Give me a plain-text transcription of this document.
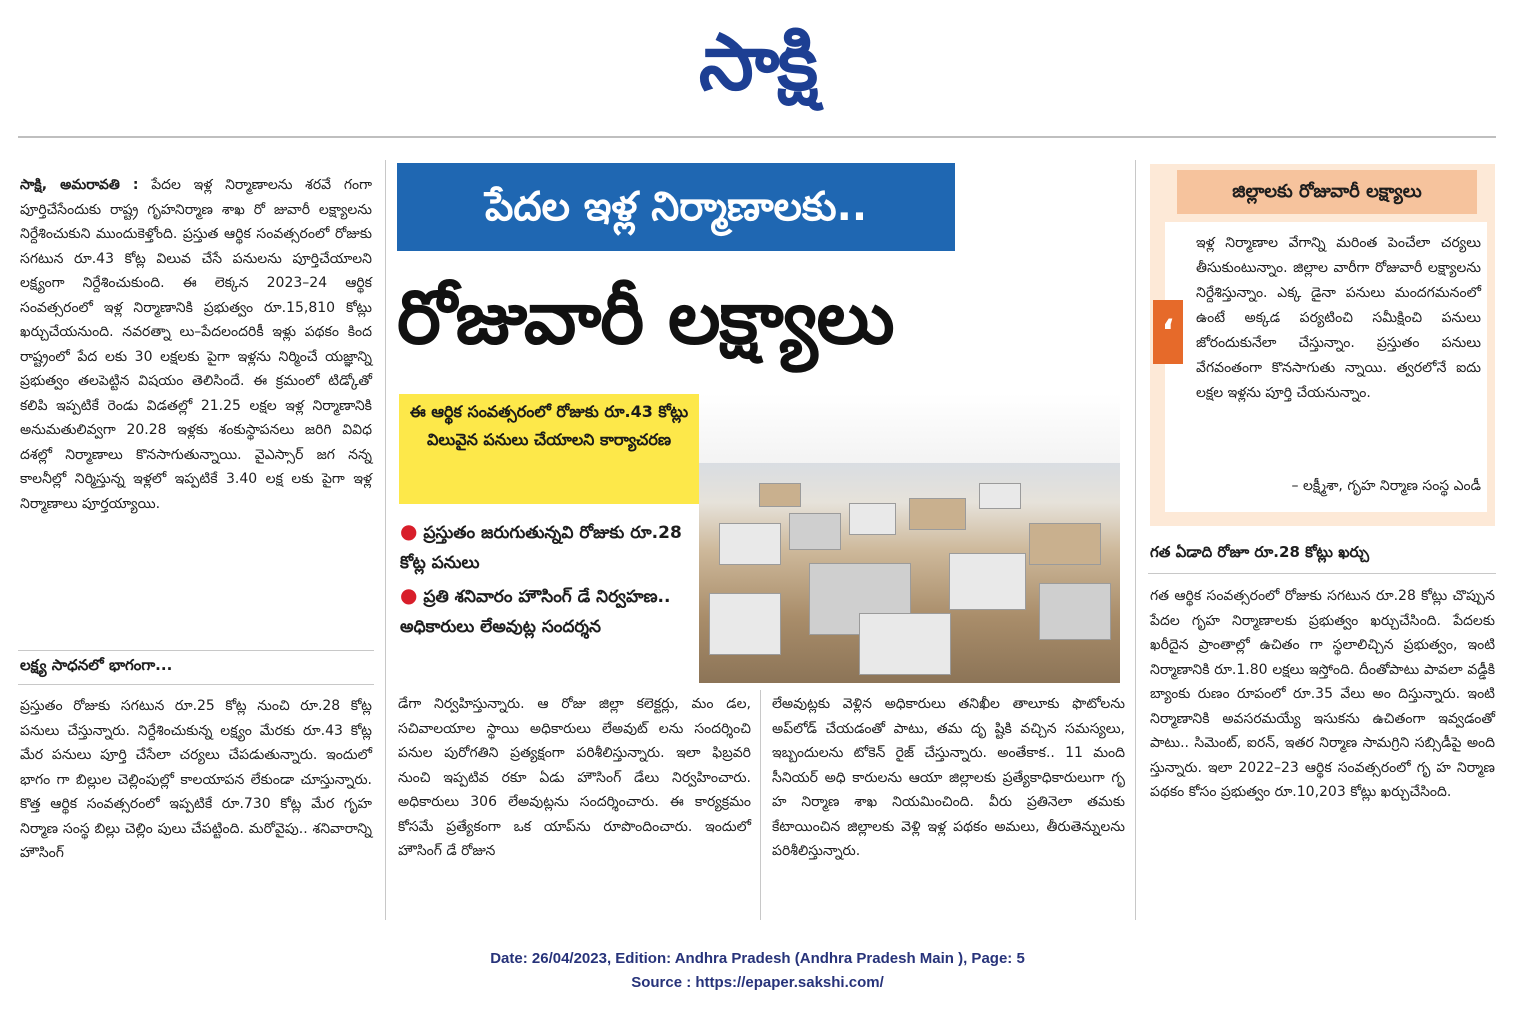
సాక్షి
సాక్షి, అమరావతి : పేదల ఇళ్ల నిర్మాణాలను శరవే గంగా పూర్తిచేసేందుకు రాష్ట్ర గృహనిర్మాణ శాఖ రో జువారీ లక్ష్యాలను నిర్దేశించుకుని ముందుకెళ్తోంది. ప్రస్తుత ఆర్థిక సంవత్సరంలో రోజుకు సగటున రూ.43 కోట్ల విలువ చేసే పనులను పూర్తిచేయాలని లక్ష్యంగా నిర్దేశించుకుంది. ఈ లెక్కన 2023–24 ఆర్థిక సంవత్సరంలో ఇళ్ల నిర్మాణానికి ప్రభుత్వం రూ.15,810 కోట్లు ఖర్చుచేయనుంది. నవరత్నా లు–పేదలందరికీ ఇళ్లు పథకం కింద రాష్ట్రంలో పేద లకు 30 లక్షలకు పైగా ఇళ్లను నిర్మించే యజ్ఞాన్ని ప్రభుత్వం తలపెట్టిన విషయం తెలిసిందే. ఈ క్రమంలో టిడ్కోతో కలిపి ఇప్పటికే రెండు విడతల్లో 21.25 లక్షల ఇళ్ల నిర్మాణానికి అనుమతులివ్వగా 20.28 ఇళ్లకు శంకుస్థాపనలు జరిగి వివిధ దశల్లో నిర్మాణాలు కొనసాగుతున్నాయి. వైఎస్సార్ జగ నన్న కాలనీల్లో నిర్మిస్తున్న ఇళ్లలో ఇప్పటికే 3.40 లక్ష లకు పైగా ఇళ్ల నిర్మాణాలు పూర్తయ్యాయి.
లక్ష్య సాధనలో భాగంగా...
ప్రస్తుతం రోజుకు సగటున రూ.25 కోట్ల నుంచి రూ.28 కోట్ల పనులు చేస్తున్నారు. నిర్దేశించుకున్న లక్ష్యం మేరకు రూ.43 కోట్ల మేర పనులు పూర్తి చేసేలా చర్యలు చేపడుతున్నారు. ఇందులో భాగం గా బిల్లుల చెల్లింపుల్లో కాలయాపన లేకుండా చూస్తున్నారు. కొత్త ఆర్థిక సంవత్సరంలో ఇప్పటికే రూ.730 కోట్ల మేర గృహ నిర్మాణ సంస్థ బిల్లు చెల్లిం పులు చేపట్టింది. మరోవైపు.. శనివారాన్ని హౌసింగ్
పేదల ఇళ్ల నిర్మాణాలకు..
రోజువారీ లక్ష్యాలు
ఈ ఆర్థిక సంవత్సరంలో రోజుకు రూ.43 కోట్లు విలువైన పనులు చేయాలని కార్యాచరణ
● ప్రస్తుతం జరుగుతున్నవి రోజుకు రూ.28 కోట్ల పనులు
● ప్రతి శనివారం హౌసింగ్ డే నిర్వహణ.. అధికారులు లేఅవుట్ల సందర్శన
డేగా నిర్వహిస్తున్నారు. ఆ రోజు జిల్లా కలెక్టర్లు, మం డల, సచివాలయాల స్థాయి అధికారులు లేఅవుట్ లను సందర్శించి పనుల పురోగతిని ప్రత్యక్షంగా పరిశీలిస్తున్నారు. ఇలా ఫిబ్రవరి నుంచి ఇప్పటివ రకూ ఏడు హౌసింగ్ డేలు నిర్వహించారు. అధికారులు 306 లేఅవుట్లను సందర్శించారు. ఈ కార్యక్రమం కోసమే ప్రత్యేకంగా ఒక యాప్‌ను రూపొందించారు. ఇందులో హౌసింగ్ డే రోజున
లేఅవుట్లకు వెళ్లిన అధికారులు తనిఖీల తాలూకు ఫొటోలను అప్‌లోడ్ చేయడంతో పాటు, తమ దృ ష్టికి వచ్చిన సమస్యలు, ఇబ్బందులను టోకెన్ రైజ్ చేస్తున్నారు. అంతేకాక.. 11 మంది సీనియర్ అధి కారులను ఆయా జిల్లాలకు ప్రత్యేకాధికారులుగా గృ హ నిర్మాణ శాఖ నియమించింది. వీరు ప్రతినెలా తమకు కేటాయించిన జిల్లాలకు వెళ్లి ఇళ్ల పథకం అమలు, తీరుతెన్నులను పరిశీలిస్తున్నారు.
జిల్లాలకు రోజువారీ లక్ష్యాలు
‘
ఇళ్ల నిర్మాణాల వేగాన్ని మరింత పెంచేలా చర్యలు తీసుకుంటున్నాం. జిల్లాల వారీగా రోజువారీ లక్ష్యాలను నిర్దేశిస్తున్నాం. ఎక్క డైనా పనులు మందగమనంలో ఉంటే అక్కడ పర్యటించి సమీక్షించి పనులు జోరందుకునేలా చేస్తున్నాం. ప్రస్తుతం పనులు వేగవంతంగా కొనసాగుతు న్నాయి. త్వరలోనే ఐదు లక్షల ఇళ్లను పూర్తి చేయనున్నాం.
– లక్ష్మీశా, గృహ నిర్మాణ సంస్థ ఎండీ
గత ఏడాది రోజూ రూ.28 కోట్లు ఖర్చు
గత ఆర్థిక సంవత్సరంలో రోజుకు సగటున రూ.28 కోట్లు చొప్పున పేదల గృహ నిర్మాణాలకు ప్రభుత్వం ఖర్చుచేసింది. పేదలకు ఖరీదైన ప్రాంతాల్లో ఉచితం గా స్థలాలిచ్చిన ప్రభుత్వం, ఇంటి నిర్మాణానికి రూ.1.80 లక్షలు ఇస్తోంది. దీంతోపాటు పావలా వడ్డీకి బ్యాంకు రుణం రూపంలో రూ.35 వేలు అం దిస్తున్నారు. ఇంటి నిర్మాణానికి అవసరమయ్యే ఇసుకను ఉచితంగా ఇవ్వడంతో పాటు.. సిమెంట్, ఐరన్, ఇతర నిర్మాణ సామగ్రిని సబ్సిడీపై అంది స్తున్నారు. ఇలా 2022–23 ఆర్థిక సంవత్సరంలో గృ హ నిర్మాణ పథకం కోసం ప్రభుత్వం రూ.10,203 కోట్లు ఖర్చుచేసింది.
Date: 26/04/2023, Edition: Andhra Pradesh (Andhra Pradesh Main ), Page: 5
Source : https://epaper.sakshi.com/
